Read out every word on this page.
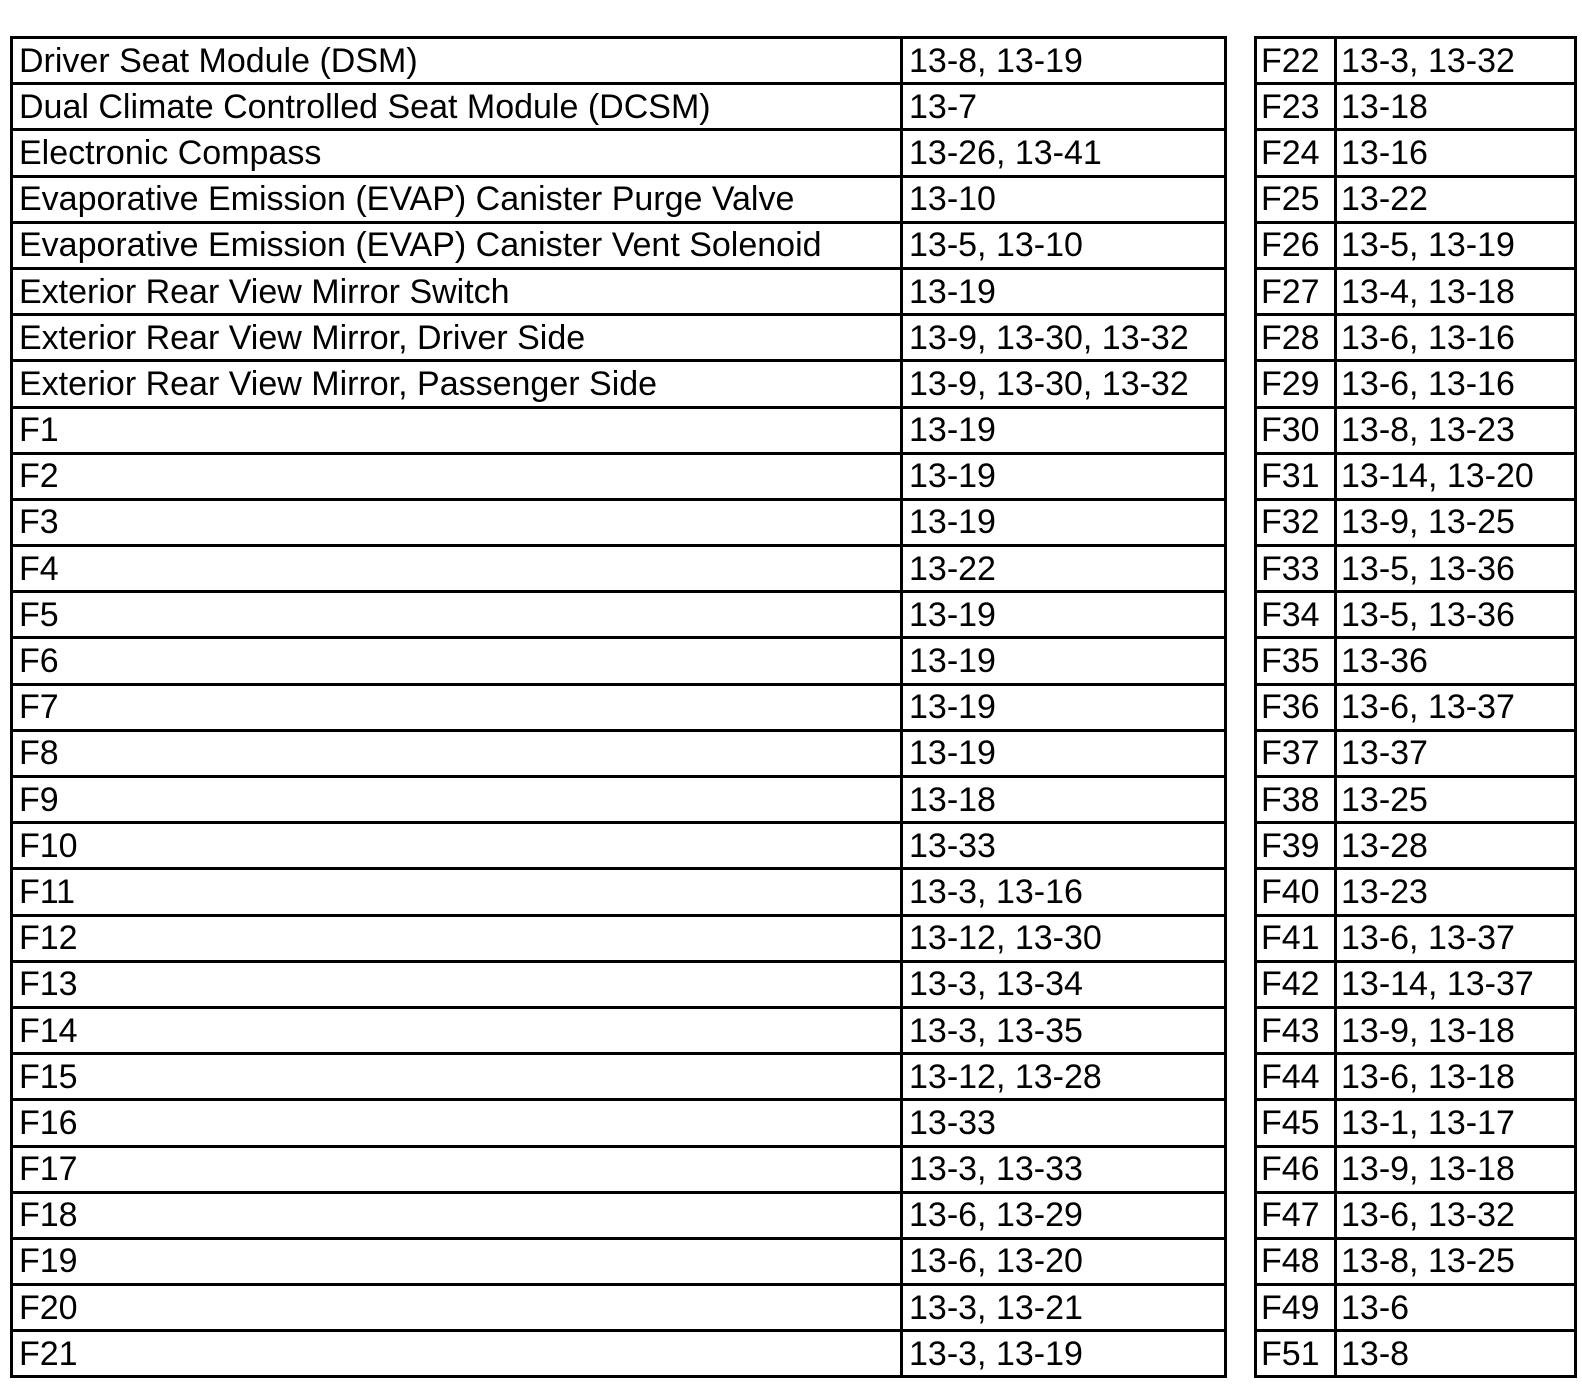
Driver Seat Module (DSM)	13-8, 13-19		F22	13-3, 13-32
Dual Climate Controlled Seat Module (DCSM)	13-7		F23	13-18
Electronic Compass	13-26, 13-41		F24	13-16
Evaporative Emission (EVAP) Canister Purge Valve	13-10		F25	13-22
Evaporative Emission (EVAP) Canister Vent Solenoid	13-5, 13-10		F26	13-5, 13-19
Exterior Rear View Mirror Switch	13-19		F27	13-4, 13-18
Exterior Rear View Mirror, Driver Side	13-9, 13-30, 13-32		F28	13-6, 13-16
Exterior Rear View Mirror, Passenger Side	13-9, 13-30, 13-32		F29	13-6, 13-16
F1	13-19		F30	13-8, 13-23
F2	13-19		F31	13-14, 13-20
F3	13-19		F32	13-9, 13-25
F4	13-22		F33	13-5, 13-36
F5	13-19		F34	13-5, 13-36
F6	13-19		F35	13-36
F7	13-19		F36	13-6, 13-37
F8	13-19		F37	13-37
F9	13-18		F38	13-25
F10	13-33		F39	13-28
F11	13-3, 13-16		F40	13-23
F12	13-12, 13-30		F41	13-6, 13-37
F13	13-3, 13-34		F42	13-14, 13-37
F14	13-3, 13-35		F43	13-9, 13-18
F15	13-12, 13-28		F44	13-6, 13-18
F16	13-33		F45	13-1, 13-17
F17	13-3, 13-33		F46	13-9, 13-18
F18	13-6, 13-29		F47	13-6, 13-32
F19	13-6, 13-20		F48	13-8, 13-25
F20	13-3, 13-21		F49	13-6
F21	13-3, 13-19		F51	13-8
